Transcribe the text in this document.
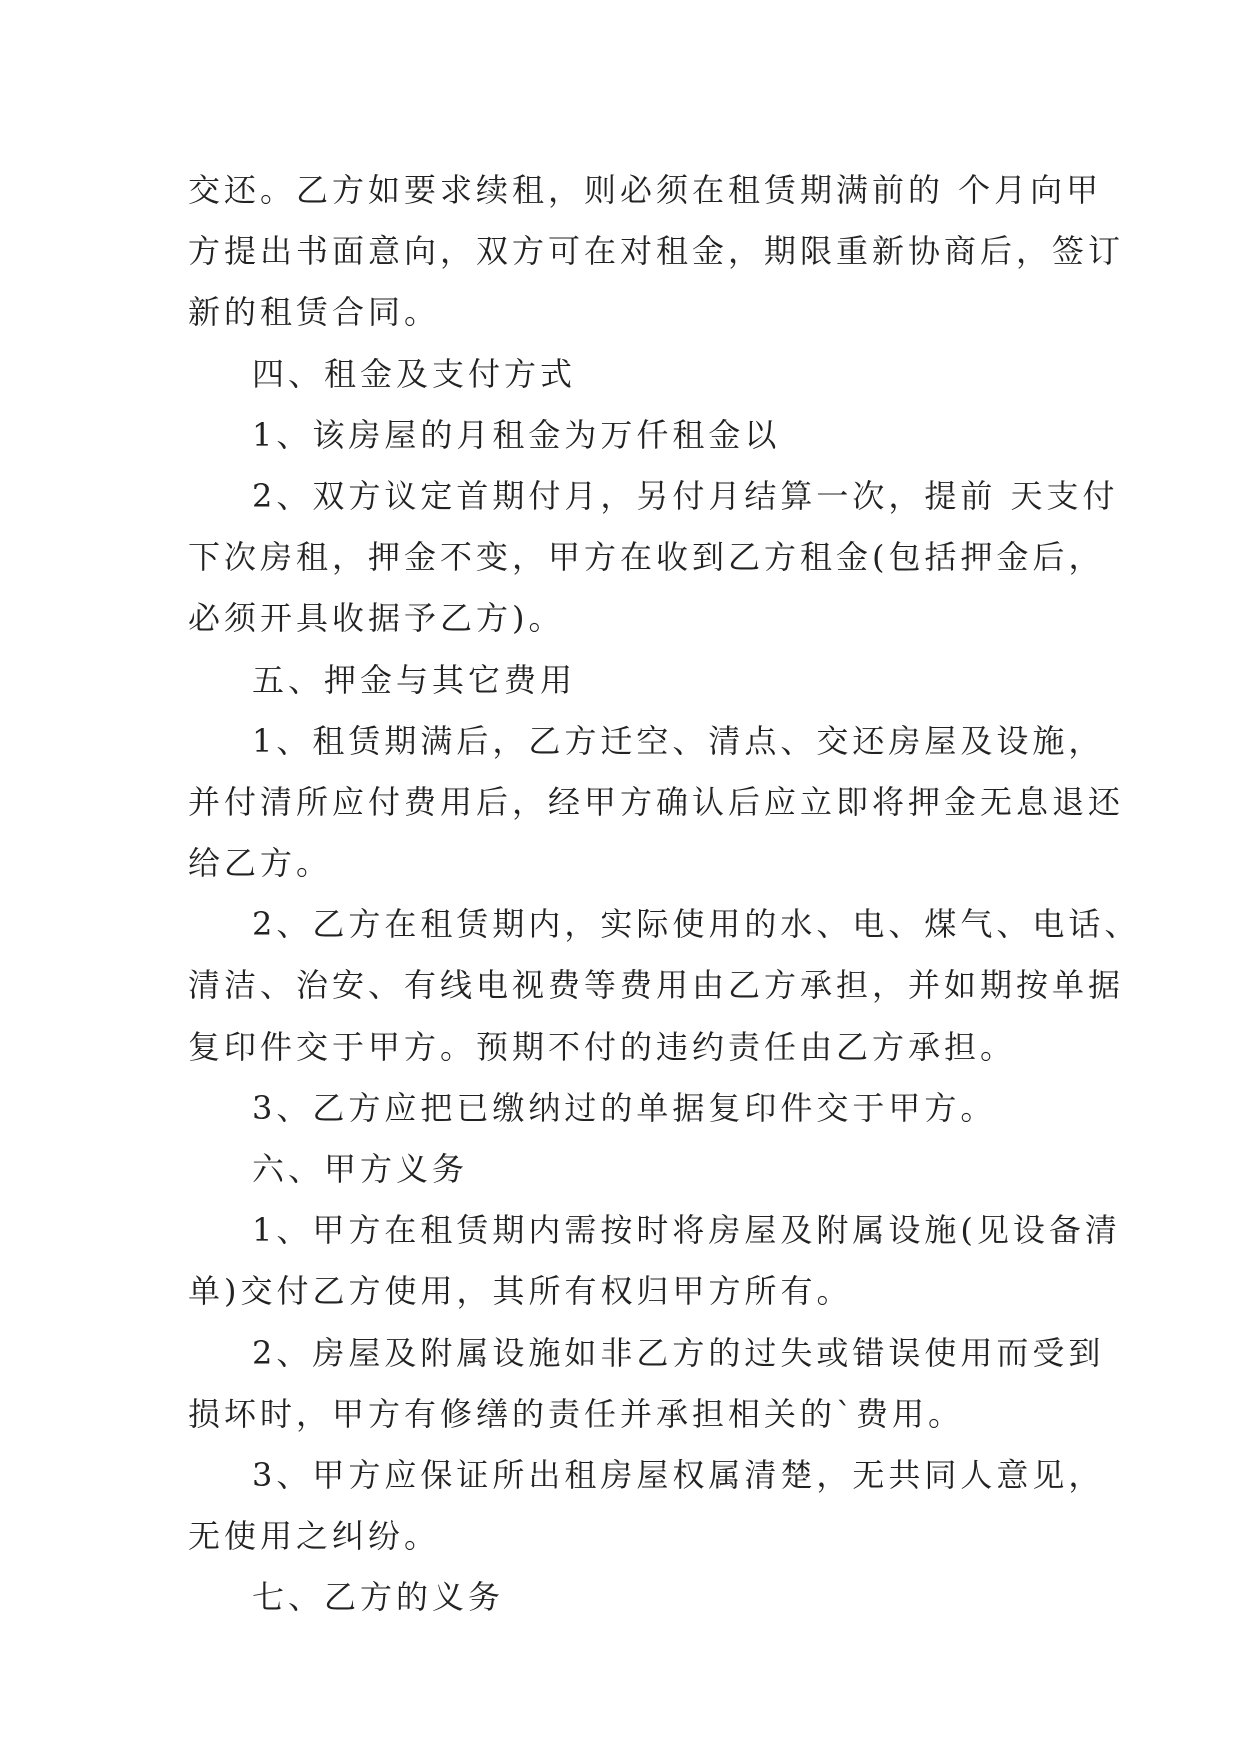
交还。乙方如要求续租，则必须在租赁期满前的 个月向甲

方提出书面意向，双方可在对租金，期限重新协商后，签订

新的租赁合同。

四、租金及支付方式

1、该房屋的月租金为万仟租金以

2、双方议定首期付月，另付月结算一次，提前 天支付

下次房租，押金不变，甲方在收到乙方租金(包括押金后，

必须开具收据予乙方)。

五、押金与其它费用

1、租赁期满后，乙方迁空、清点、交还房屋及设施，

并付清所应付费用后，经甲方确认后应立即将押金无息退还

给乙方。

2、乙方在租赁期内，实际使用的水、电、煤气、电话、

清洁、治安、有线电视费等费用由乙方承担，并如期按单据

复印件交于甲方。预期不付的违约责任由乙方承担。

3、乙方应把已缴纳过的单据复印件交于甲方。

六、甲方义务

1、甲方在租赁期内需按时将房屋及附属设施(见设备清

单)交付乙方使用，其所有权归甲方所有。

2、房屋及附属设施如非乙方的过失或错误使用而受到

损坏时，甲方有修缮的责任并承担相关的`费用。

3、甲方应保证所出租房屋权属清楚，无共同人意见，

无使用之纠纷。

七、乙方的义务
